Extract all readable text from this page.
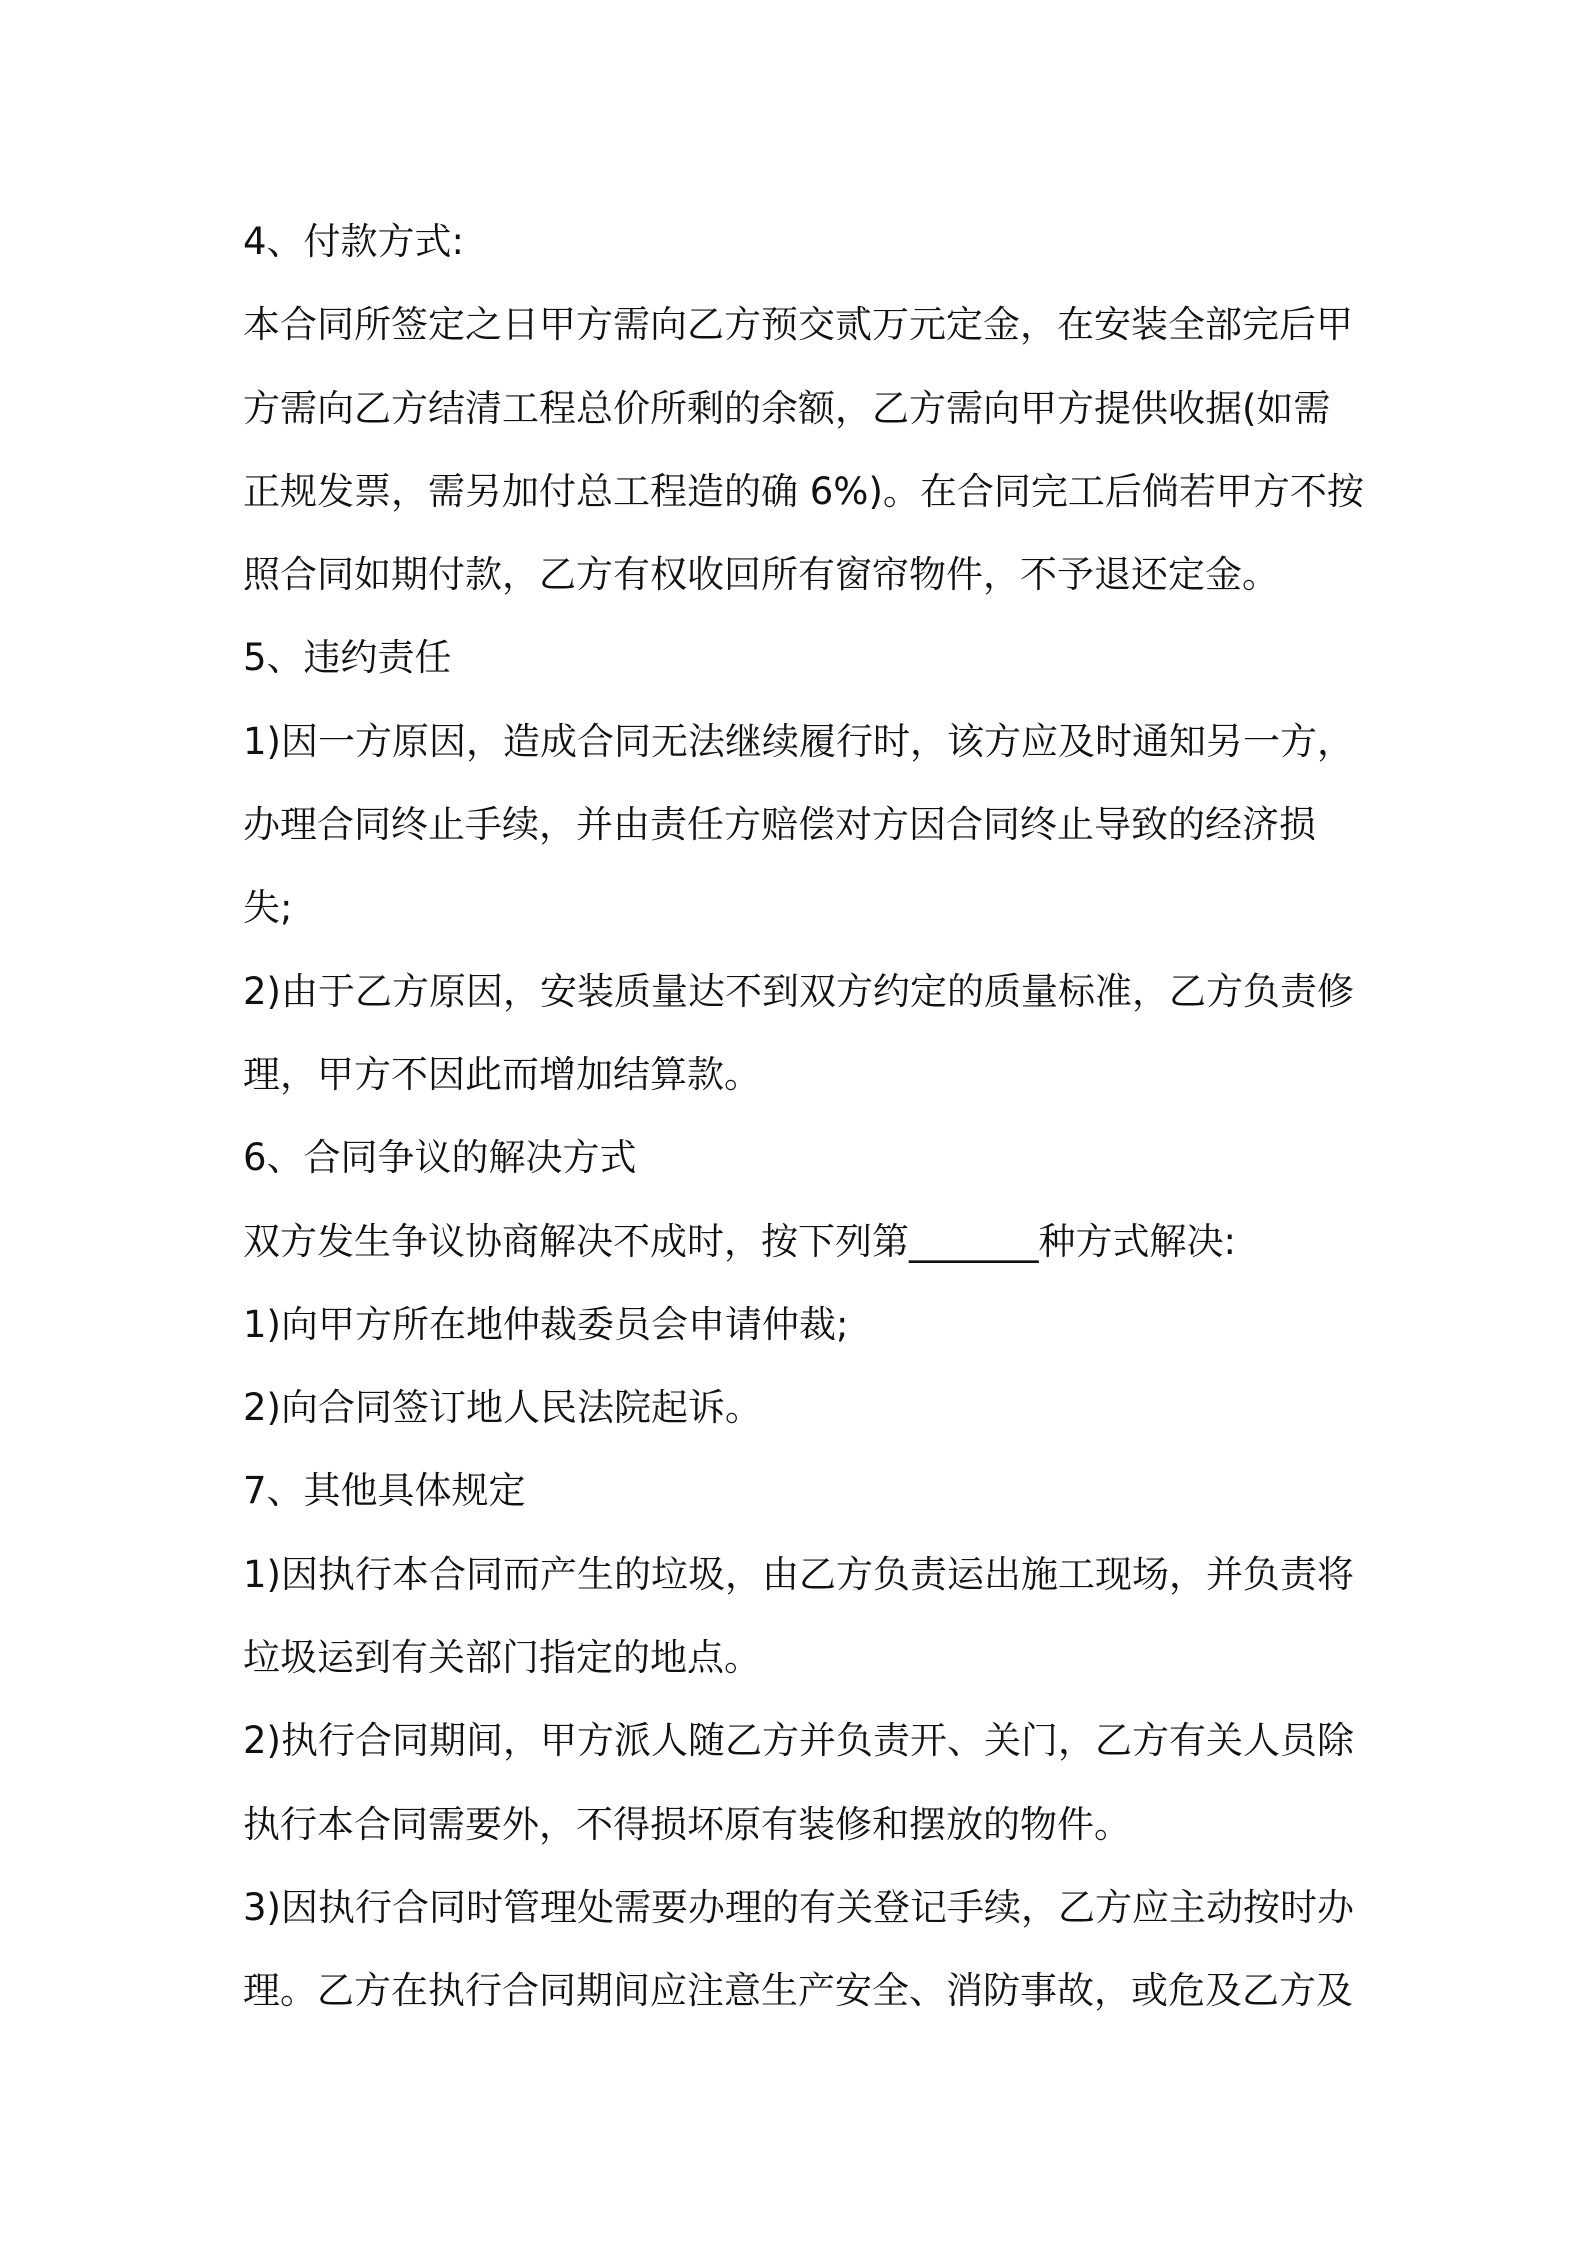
4、付款方式:
本合同所签定之日甲方需向乙方预交贰万元定金，在安装全部完后甲
方需向乙方结清工程总价所剩的余额，乙方需向甲方提供收据(如需
正规发票，需另加付总工程造的确 6%)。在合同完工后倘若甲方不按
照合同如期付款，乙方有权收回所有窗帘物件，不予退还定金。
5、违约责任
1)因一方原因，造成合同无法继续履行时，该方应及时通知另一方，
办理合同终止手续，并由责任方赔偿对方因合同终止导致的经济损
失;
2)由于乙方原因，安装质量达不到双方约定的质量标准，乙方负责修
理，甲方不因此而增加结算款。
6、合同争议的解决方式
双方发生争议协商解决不成时，按下列第_______种方式解决:
1)向甲方所在地仲裁委员会申请仲裁;
2)向合同签订地人民法院起诉。
7、其他具体规定
1)因执行本合同而产生的垃圾，由乙方负责运出施工现场，并负责将
垃圾运到有关部门指定的地点。
2)执行合同期间，甲方派人随乙方并负责开、关门，乙方有关人员除
执行本合同需要外，不得损坏原有装修和摆放的物件。
3)因执行合同时管理处需要办理的有关登记手续，乙方应主动按时办
理。乙方在执行合同期间应注意生产安全、消防事故，或危及乙方及
